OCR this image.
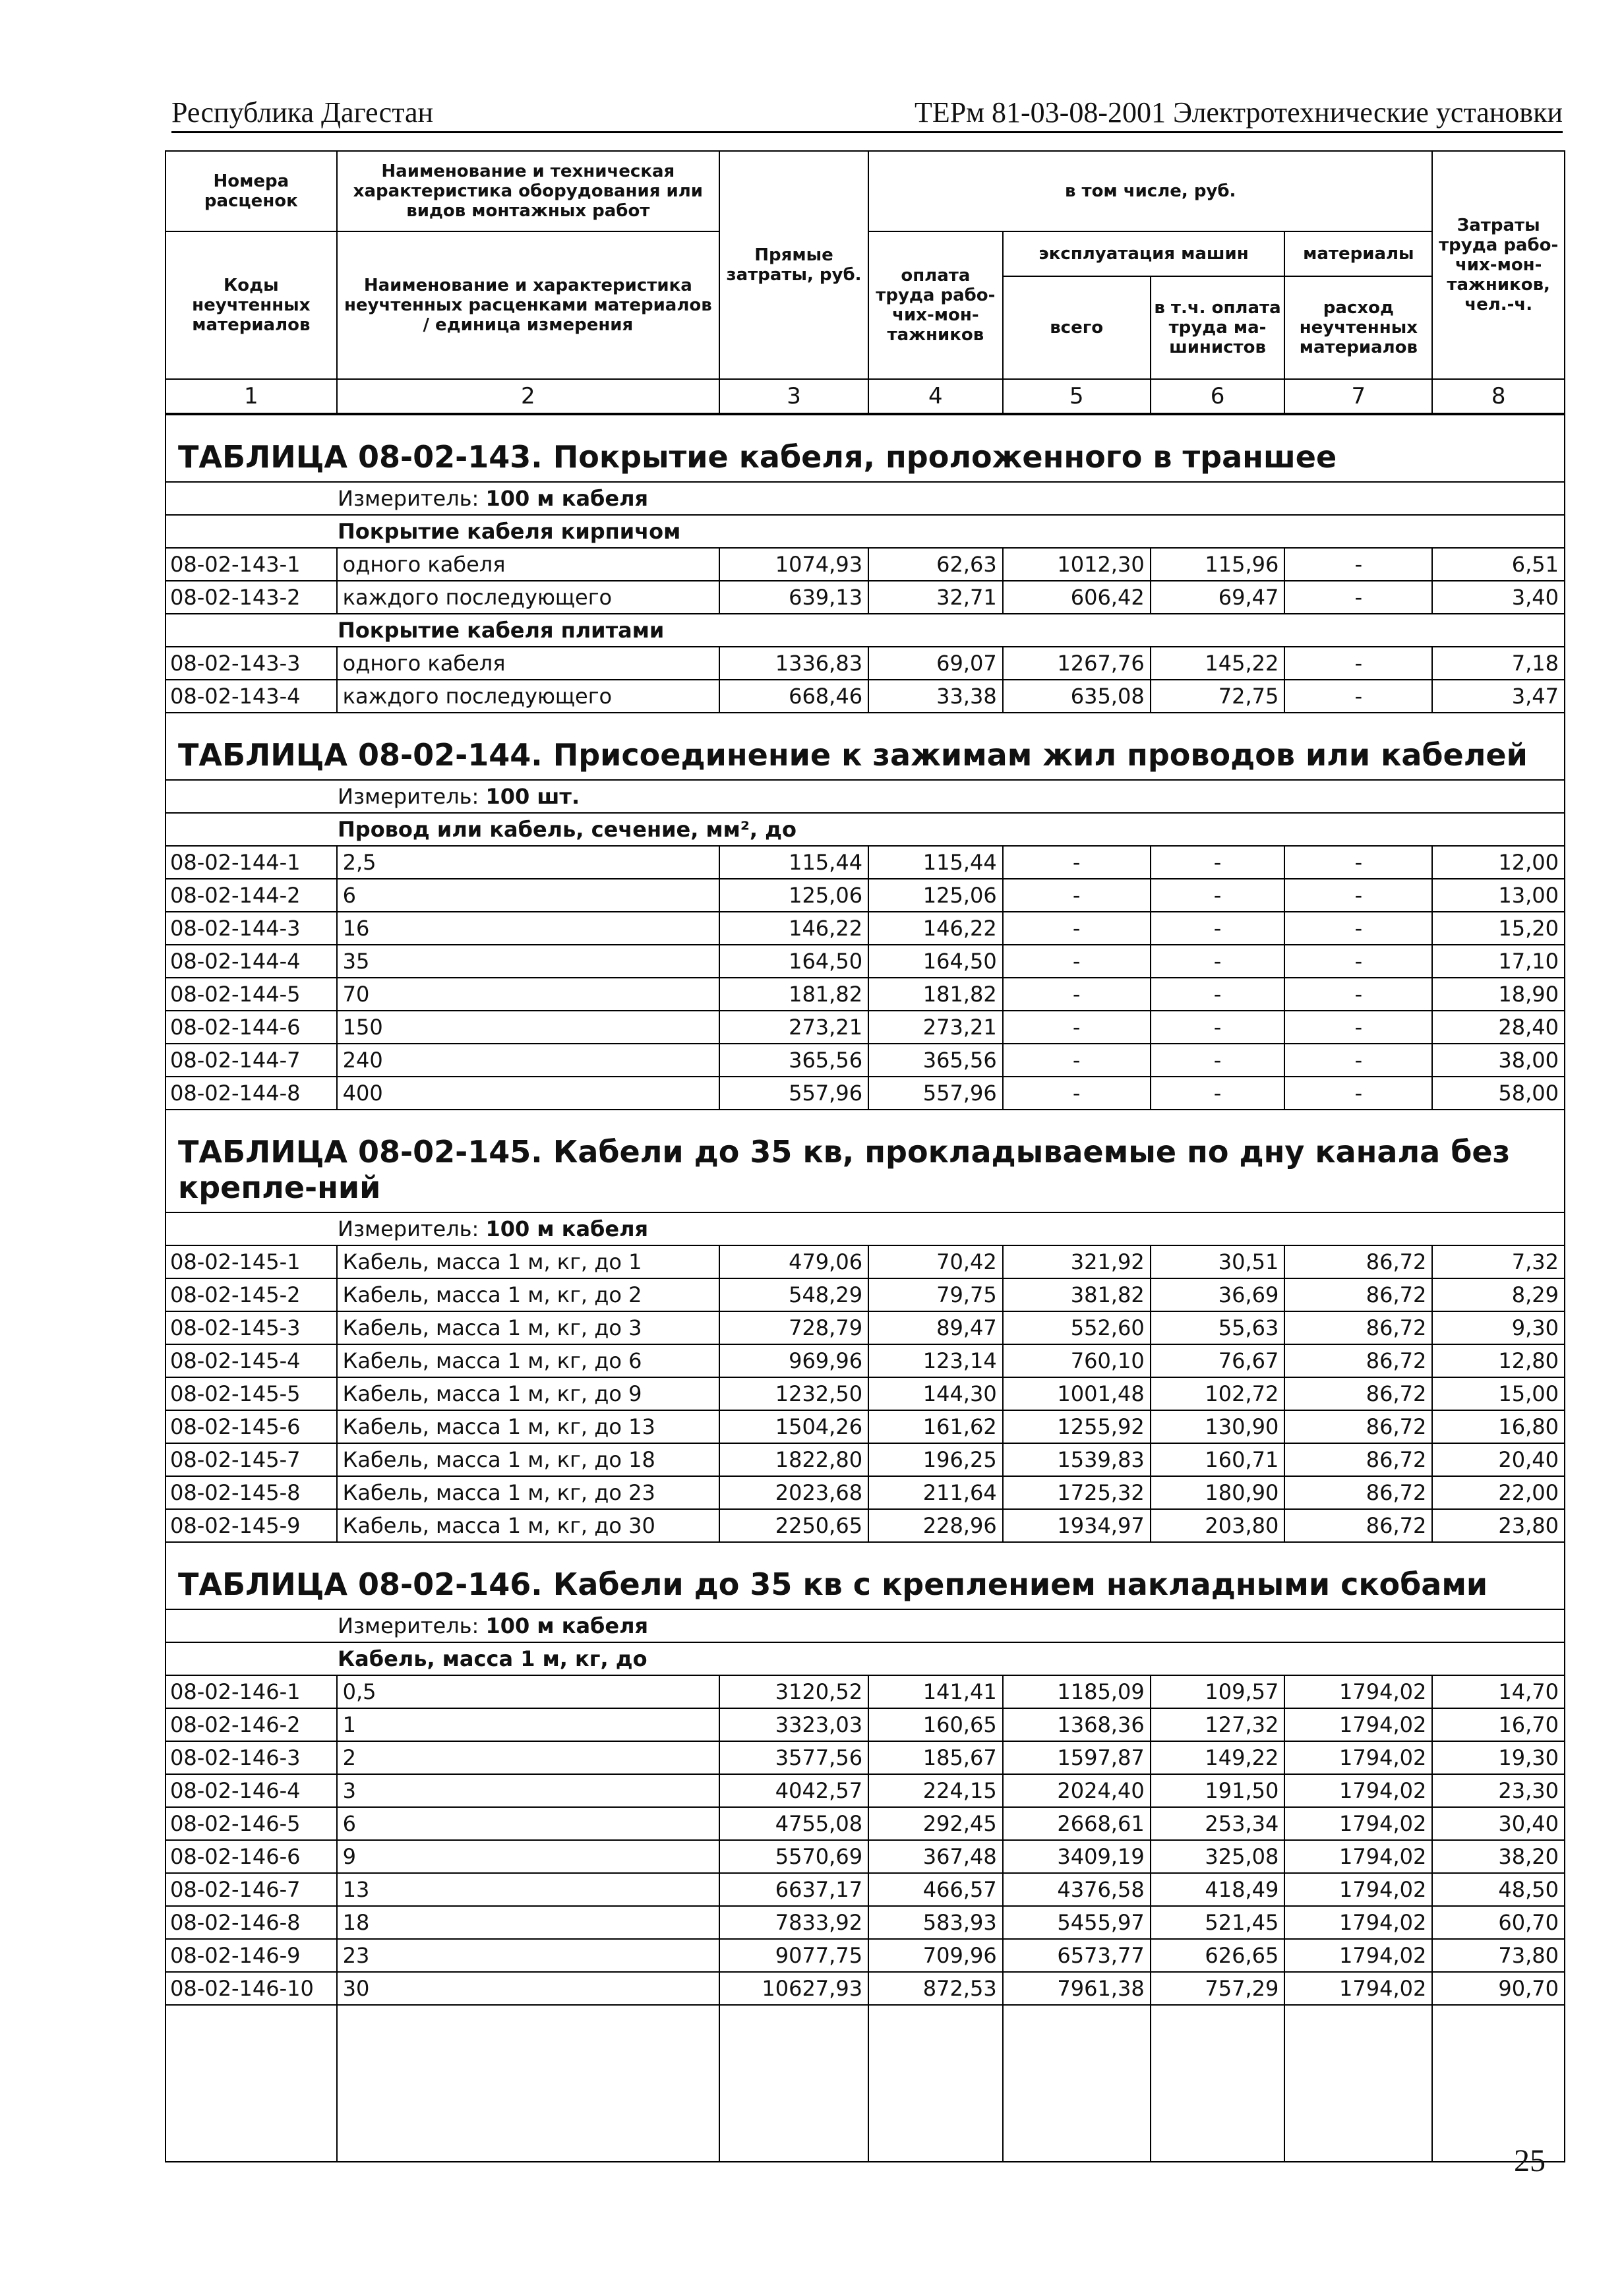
Республика Дагестан	ТЕРм 81-03-08-2001 Электротехнические установки
Номера расценок	Наименование и техническая характеристика оборудования или видов монтажных работ	Прямые затраты, руб.	в том числе, руб.				Затраты труда рабо-чих-мон-тажников, чел.-ч.
Коды неучтенных материалов	Наименование и характеристика неучтенных расценками материалов / единица измерения		оплата труда рабо-чих-мон-тажников	эксплуатация машин		материалы	
				всего	в т.ч. оплата труда ма-шинистов	расход неучтенных материалов	
1	2	3	4	5	6	7	8
ТАБЛИЦА 08-02-143. Покрытие кабеля, проложенного в траншее							
Измеритель: 100 м кабеля							
Покрытие кабеля кирпичом							
08-02-143-1	одного кабеля	1074,93	62,63	1012,30	115,96	-	6,51
08-02-143-2	каждого последующего	639,13	32,71	606,42	69,47	-	3,40
Покрытие кабеля плитами							
08-02-143-3	одного кабеля	1336,83	69,07	1267,76	145,22	-	7,18
08-02-143-4	каждого последующего	668,46	33,38	635,08	72,75	-	3,47
ТАБЛИЦА 08-02-144. Присоединение к зажимам жил проводов или кабелей							
Измеритель: 100 шт.							
Провод или кабель, сечение, мм², до							
08-02-144-1	2,5	115,44	115,44	-	-	-	12,00
08-02-144-2	6	125,06	125,06	-	-	-	13,00
08-02-144-3	16	146,22	146,22	-	-	-	15,20
08-02-144-4	35	164,50	164,50	-	-	-	17,10
08-02-144-5	70	181,82	181,82	-	-	-	18,90
08-02-144-6	150	273,21	273,21	-	-	-	28,40
08-02-144-7	240	365,56	365,56	-	-	-	38,00
08-02-144-8	400	557,96	557,96	-	-	-	58,00
ТАБЛИЦА 08-02-145. Кабели до 35 кв, прокладываемые по дну канала без крепле-ний							
Измеритель: 100 м кабеля							
08-02-145-1	Кабель, масса 1 м, кг, до 1	479,06	70,42	321,92	30,51	86,72	7,32
08-02-145-2	Кабель, масса 1 м, кг, до 2	548,29	79,75	381,82	36,69	86,72	8,29
08-02-145-3	Кабель, масса 1 м, кг, до 3	728,79	89,47	552,60	55,63	86,72	9,30
08-02-145-4	Кабель, масса 1 м, кг, до 6	969,96	123,14	760,10	76,67	86,72	12,80
08-02-145-5	Кабель, масса 1 м, кг, до 9	1232,50	144,30	1001,48	102,72	86,72	15,00
08-02-145-6	Кабель, масса 1 м, кг, до 13	1504,26	161,62	1255,92	130,90	86,72	16,80
08-02-145-7	Кабель, масса 1 м, кг, до 18	1822,80	196,25	1539,83	160,71	86,72	20,40
08-02-145-8	Кабель, масса 1 м, кг, до 23	2023,68	211,64	1725,32	180,90	86,72	22,00
08-02-145-9	Кабель, масса 1 м, кг, до 30	2250,65	228,96	1934,97	203,80	86,72	23,80
ТАБЛИЦА 08-02-146. Кабели до 35 кв с креплением накладными скобами							
Измеритель: 100 м кабеля							
Кабель, масса 1 м, кг, до							
08-02-146-1	0,5	3120,52	141,41	1185,09	109,57	1794,02	14,70
08-02-146-2	1	3323,03	160,65	1368,36	127,32	1794,02	16,70
08-02-146-3	2	3577,56	185,67	1597,87	149,22	1794,02	19,30
08-02-146-4	3	4042,57	224,15	2024,40	191,50	1794,02	23,30
08-02-146-5	6	4755,08	292,45	2668,61	253,34	1794,02	30,40
08-02-146-6	9	5570,69	367,48	3409,19	325,08	1794,02	38,20
08-02-146-7	13	6637,17	466,57	4376,58	418,49	1794,02	48,50
08-02-146-8	18	7833,92	583,93	5455,97	521,45	1794,02	60,70
08-02-146-9	23	9077,75	709,96	6573,77	626,65	1794,02	73,80
08-02-146-10	30	10627,93	872,53	7961,38	757,29	1794,02	90,70

25
